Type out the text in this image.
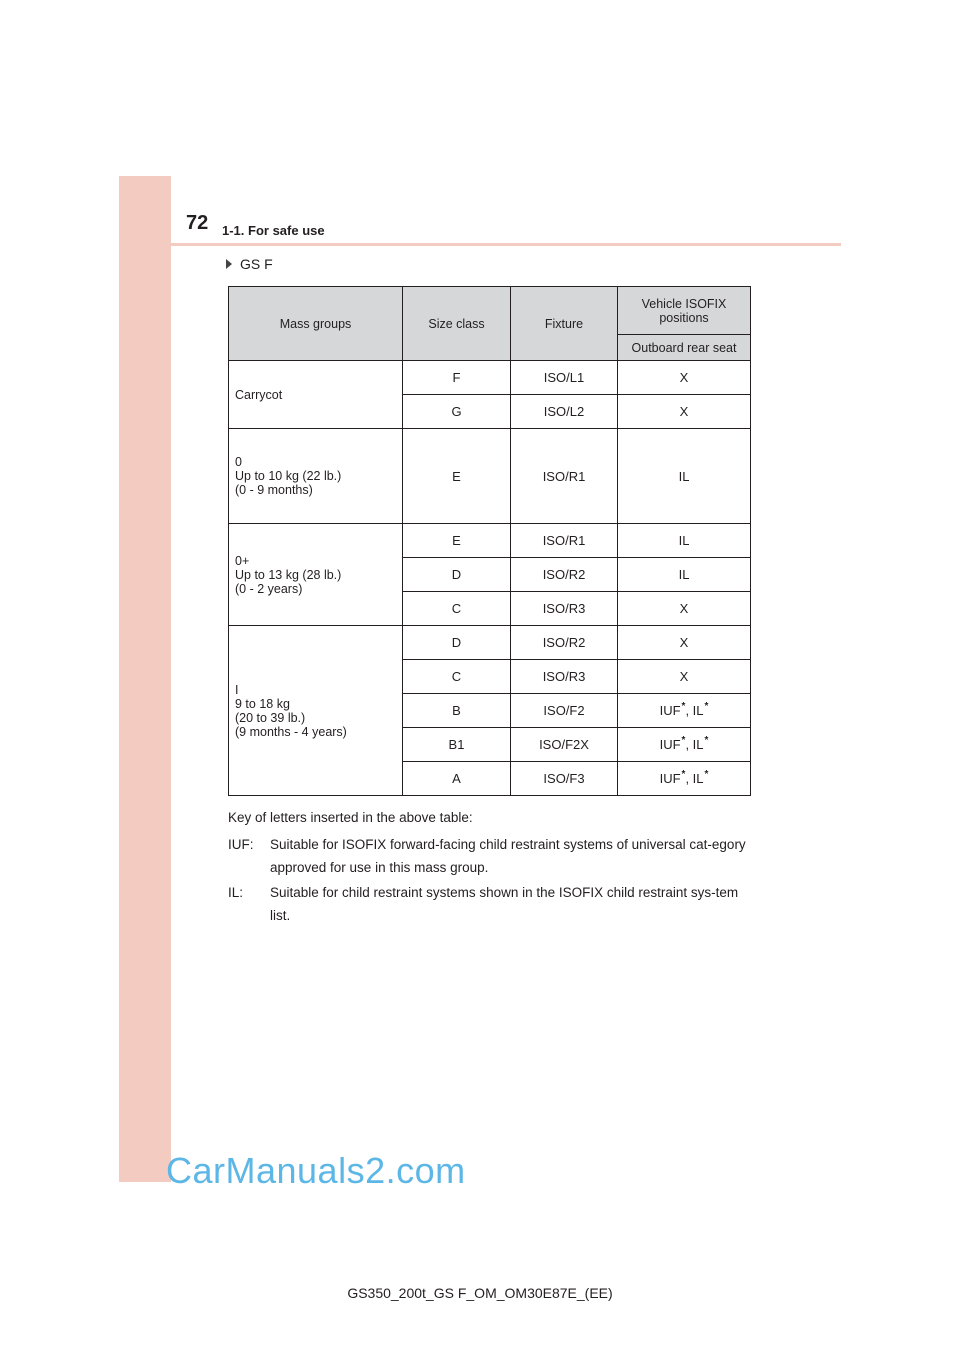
72 1-1. For safe use
GS F
Mass groups	Size class	Fixture	Vehicle ISOFIX positions
			Outboard rear seat

Carrycot	F	ISO/L1	X
	G	ISO/L2	X

0
Up to 10 kg (22 lb.)
(0 - 9 months)	E	ISO/R1	IL

0+
Up to 13 kg (28 lb.)
(0 - 2 years)	E	ISO/R1	IL
	D	ISO/R2	IL
	C	ISO/R3	X

I
9 to 18 kg
(20 to 39 lb.)
(9 months - 4 years)	D	ISO/R2	X
	C	ISO/R3	X
	B	ISO/F2	IUF*, IL*
	B1	ISO/F2X	IUF*, IL*
	A	ISO/F3	IUF*, IL*
Key of letters inserted in the above table:
IUF:	Suitable for ISOFIX forward-facing child restraint systems of universal cat-egory approved for use in this mass group.
IL:	Suitable for child restraint systems shown in the ISOFIX child restraint sys-tem list.
CarManuals2.com
GS350_200t_GS F_OM_OM30E87E_(EE)
